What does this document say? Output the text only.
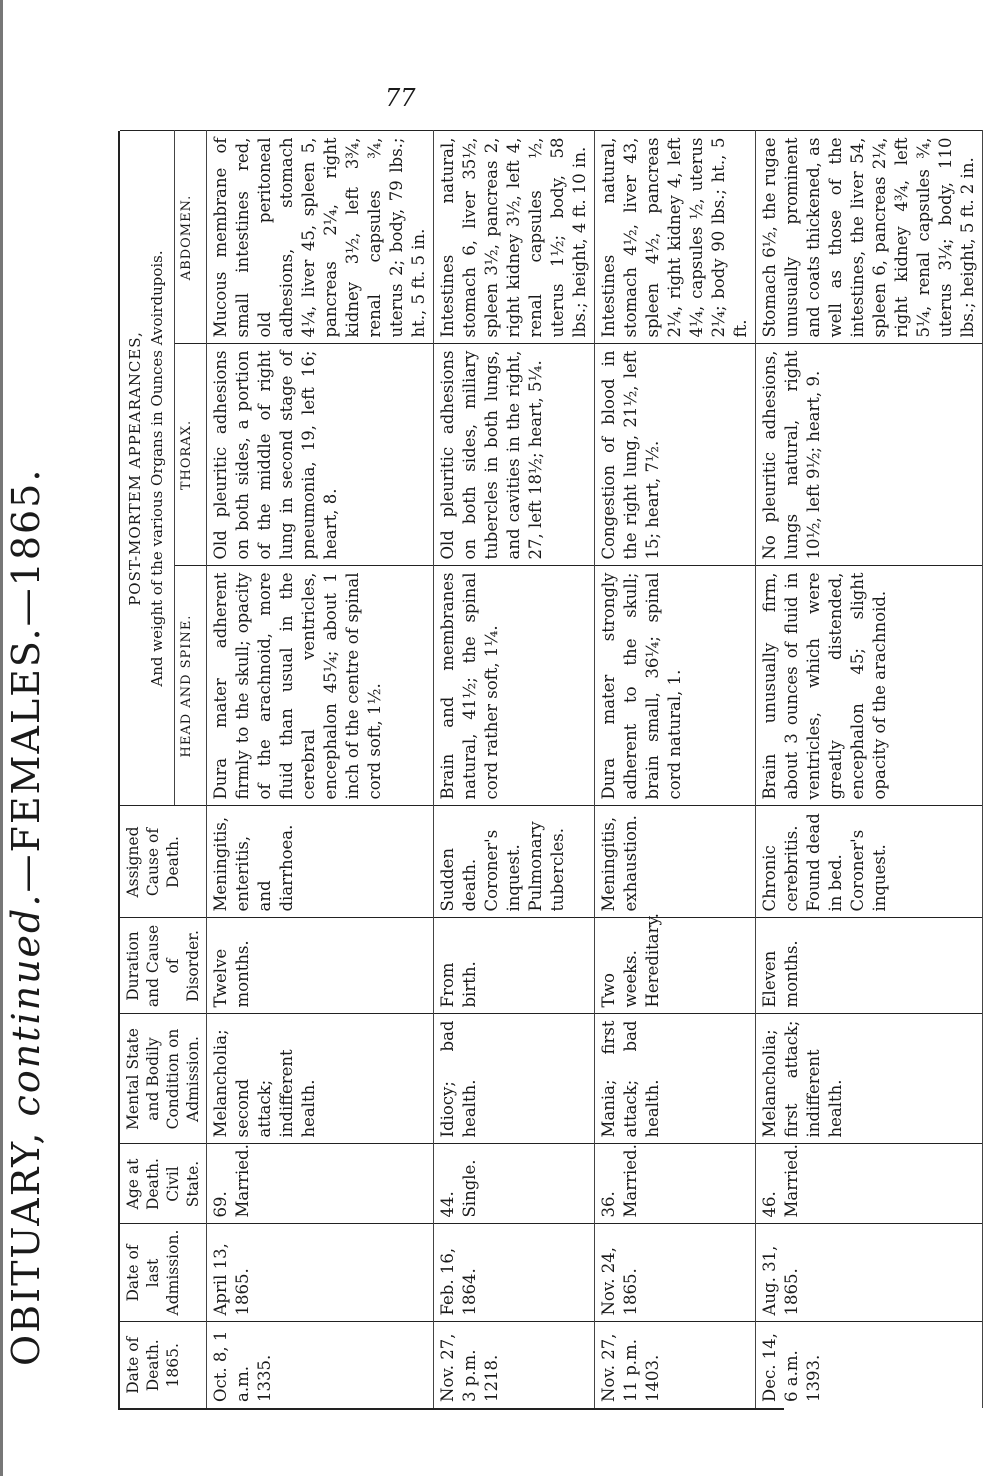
77
OBITUARY, continued.—FEMALES.—1865.
Date of Death. 1865.	Date of last Admission.	Age at Death. Civil State.	Mental State and Bodily Condition on Admission.	Duration and Cause of Disorder.	Assigned Cause of Death.	POST-MORTEM APPEARANCES, And weight of the various Organs in Ounces Avoirdupois.		
						HEAD AND SPINE.	THORAX.	ABDOMEN.
Oct. 8, 1 a.m. 1335.	April 13, 1865.	69. Married.	Melancholia; second attack; indifferent health.	Twelve months.	Meningitis, enteritis, and diarrhoea.	Dura mater adherent firmly to the skull; opacity of the arachnoid, more fluid than usual in the cerebral ventricles, encephalon 45¼; about 1 inch of the centre of spinal cord soft, 1½.	Old pleuritic adhesions on both sides, a portion of the middle of right lung in second stage of pneumonia, 19, left 16; heart, 8.	Mucous membrane of small intestines red, old peritoneal adhesions, stomach 4¼, liver 45, spleen 5, pancreas 2¼, right kidney 3½, left 3¾, renal capsules ¾, uterus 2; body, 79 lbs.; ht., 5 ft. 5 in.
Nov. 27, 3 p.m. 1218.	Feb. 16, 1864.	44. Single.	Idiocy; bad health.	From birth.	Sudden death. Coroner's inquest. Pulmonary tubercles.	Brain and membranes natural, 41½; the spinal cord rather soft, 1¼.	Old pleuritic adhesions on both sides, miliary tubercles in both lungs, and cavities in the right, 27, left 18½; heart, 5¼.	Intestines natural, stomach 6, liver 35½, spleen 3½, pancreas 2, right kidney 3½, left 4, renal capsules ½, uterus 1½; body, 58 lbs.; height, 4 ft. 10 in.
Nov. 27, 11 p.m. 1403.	Nov. 24, 1865.	36. Married.	Mania; first attack; bad health.	Two weeks. Hereditary.	Meningitis, exhaustion.	Dura mater strongly adherent to the skull; brain small, 36¼; spinal cord natural, 1.	Congestion of blood in the right lung, 21½, left 15; heart, 7½.	Intestines natural, stomach 4½, liver 43, spleen 4½, pancreas 2¼, right kidney 4, left 4¼, capsules ½, uterus 2¼; body 90 lbs.; ht., 5 ft.
Dec. 14, 6 a.m. 1393.	Aug. 31, 1865.	46. Married.	Melancholia; first attack; indifferent health.	Eleven months.	Chronic cerebritis. Found dead in bed. Coroner's inquest.	Brain unusually firm, about 3 ounces of fluid in ventricles, which were greatly distended, encephalon 45; slight opacity of the arachnoid.	No pleuritic adhesions, lungs natural, right 10½, left 9½; heart, 9.	Stomach 6½, the rugae unusually prominent and coats thickened, as well as those of the intestines, the liver 54, spleen 6, pancreas 2¼, right kidney 4¾, left 5¼, renal capsules ¾, uterus 3¼; body, 110 lbs.; height, 5 ft. 2 in.
